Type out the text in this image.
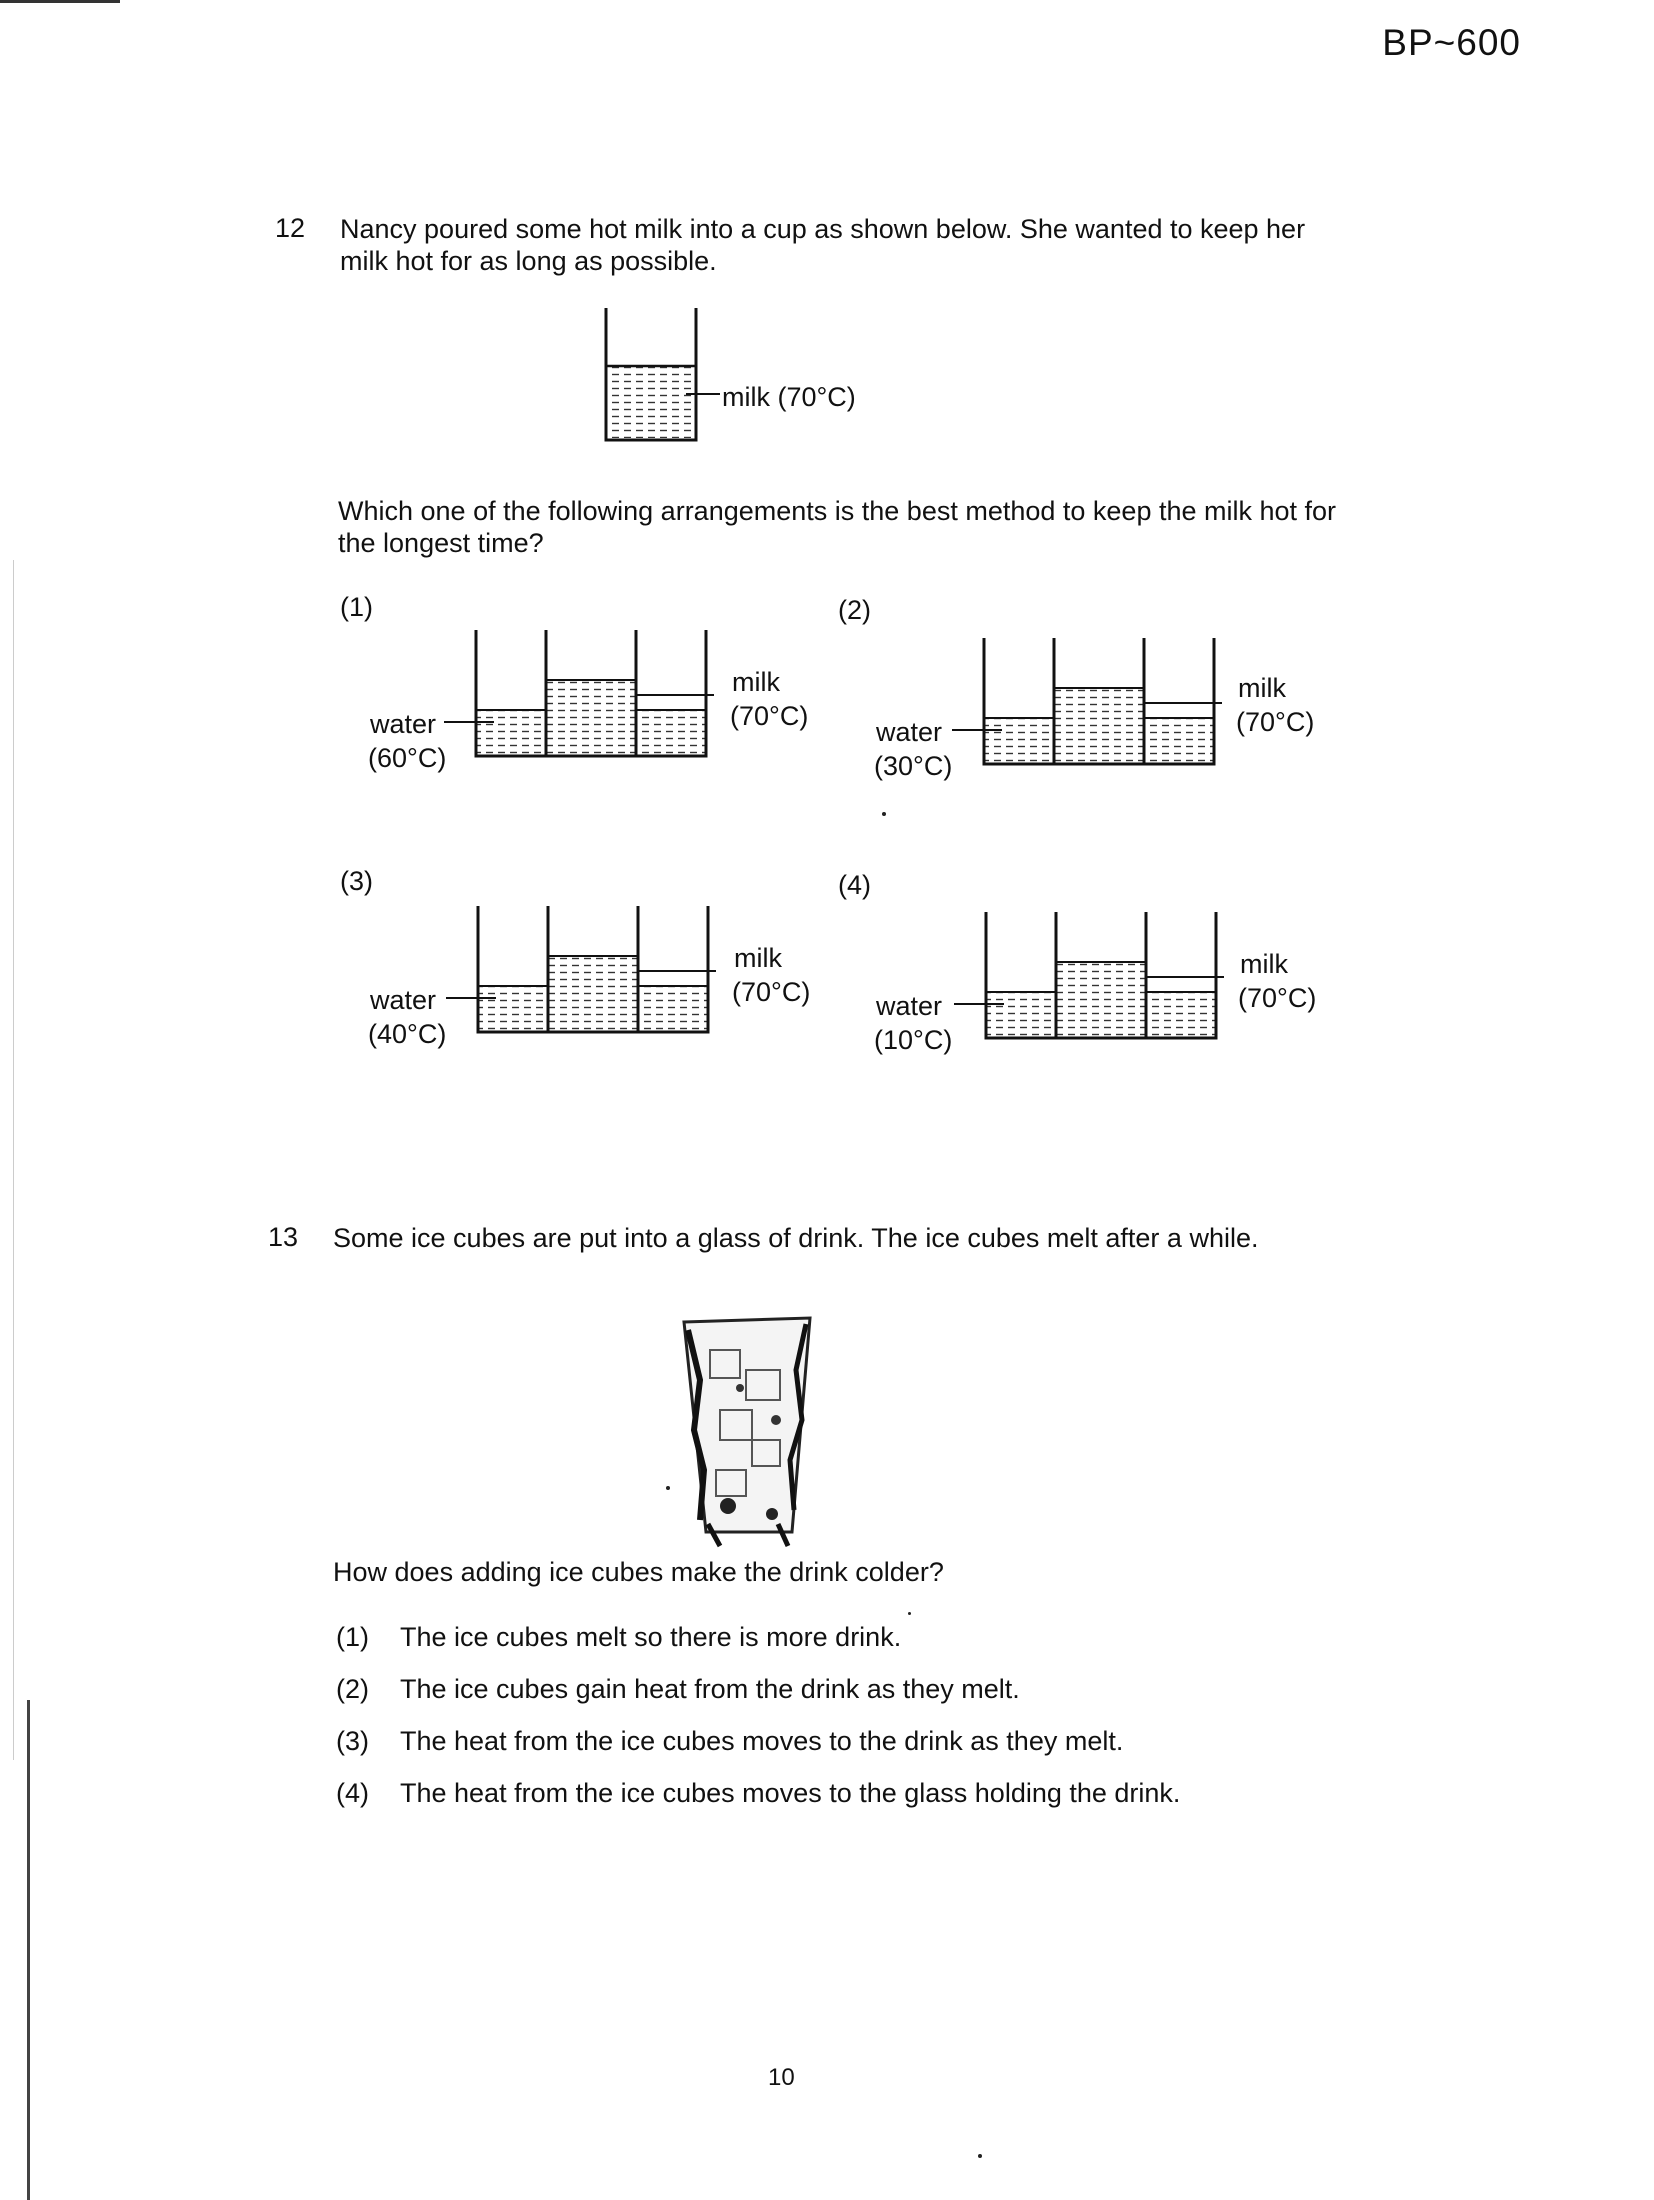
BP~600
12 Nancy poured some hot milk into a cup as shown below. She wanted to keep her milk hot for as long as possible.
milk (70°C)
Which one of the following arrangements is the best method to keep the milk hot for the longest time?
(1)
water
(60°C)
milk
(70°C)
(2)
water
(30°C)
milk
(70°C)
(3)
water
(40°C)
milk
(70°C)
(4)
water
(10°C)
milk
(70°C)
13 Some ice cubes are put into a glass of drink. The ice cubes melt after a while.
How does adding ice cubes make the drink colder?
(1)	The ice cubes melt so there is more drink.
(2)	The ice cubes gain heat from the drink as they melt.
(3)	The heat from the ice cubes moves to the drink as they melt.
(4)	The heat from the ice cubes moves to the glass holding the drink.
10
